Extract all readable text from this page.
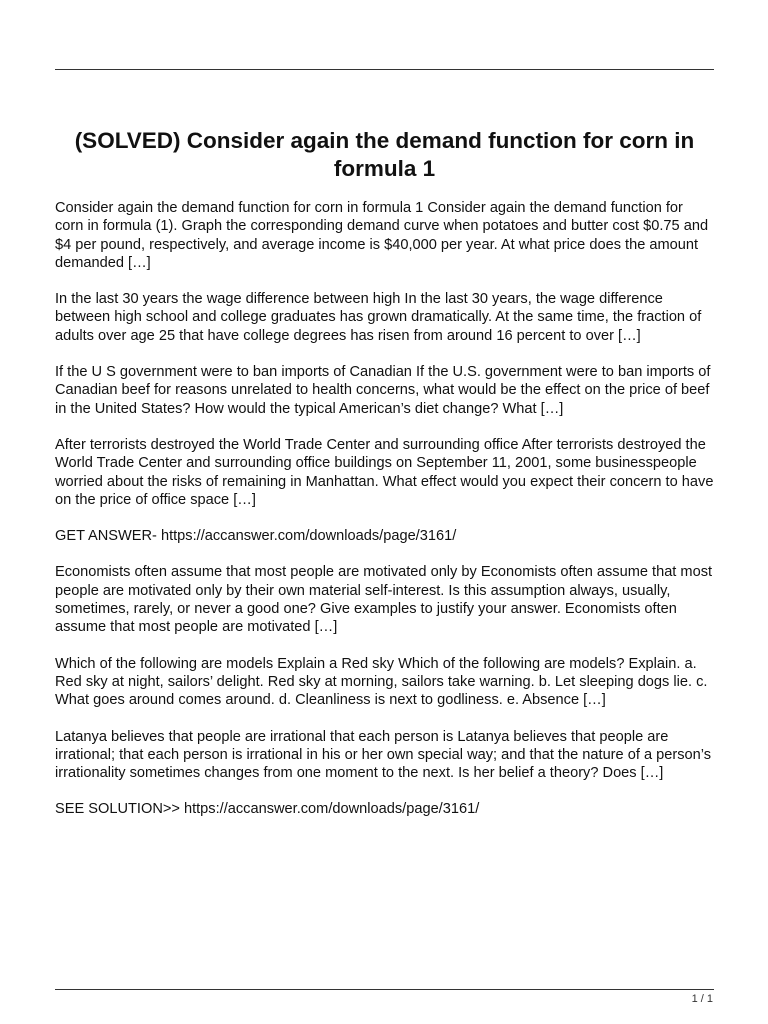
(SOLVED) Consider again the demand function for corn in formula 1

Consider again the demand function for corn in formula 1 Consider again the demand function for corn in formula (1). Graph the corresponding demand curve when potatoes and butter cost $0.75 and $4 per pound, respectively, and average income is $40,000 per year. At what price does the amount demanded […]

In the last 30 years the wage difference between high In the last 30 years, the wage difference between high school and college graduates has grown dramatically. At the same time, the fraction of adults over age 25 that have college degrees has risen from around 16 percent to over […]

If the U S government were to ban imports of Canadian If the U.S. government were to ban imports of Canadian beef for reasons unrelated to health concerns, what would be the effect on the price of beef in the United States? How would the typical American’s diet change? What […]

After terrorists destroyed the World Trade Center and surrounding office After terrorists destroyed the World Trade Center and surrounding office buildings on September 11, 2001, some businesspeople worried about the risks of remaining in Manhattan. What effect would you expect their concern to have on the price of office space […]

GET ANSWER- https://accanswer.com/downloads/page/3161/

Economists often assume that most people are motivated only by Economists often assume that most people are motivated only by their own material self-interest. Is this assumption always, usually, sometimes, rarely, or never a good one? Give examples to justify your answer. Economists often assume that most people are motivated […]

Which of the following are models Explain a Red sky Which of the following are models? Explain. a. Red sky at night, sailors’ delight. Red sky at morning, sailors take warning. b. Let sleeping dogs lie. c. What goes around comes around. d. Cleanliness is next to godliness. e. Absence […]

Latanya believes that people are irrational that each person is Latanya believes that people are irrational; that each person is irrational in his or her own special way; and that the nature of a person’s irrationality sometimes changes from one moment to the next. Is her belief a theory? Does […]

SEE SOLUTION>> https://accanswer.com/downloads/page/3161/

1 / 1
